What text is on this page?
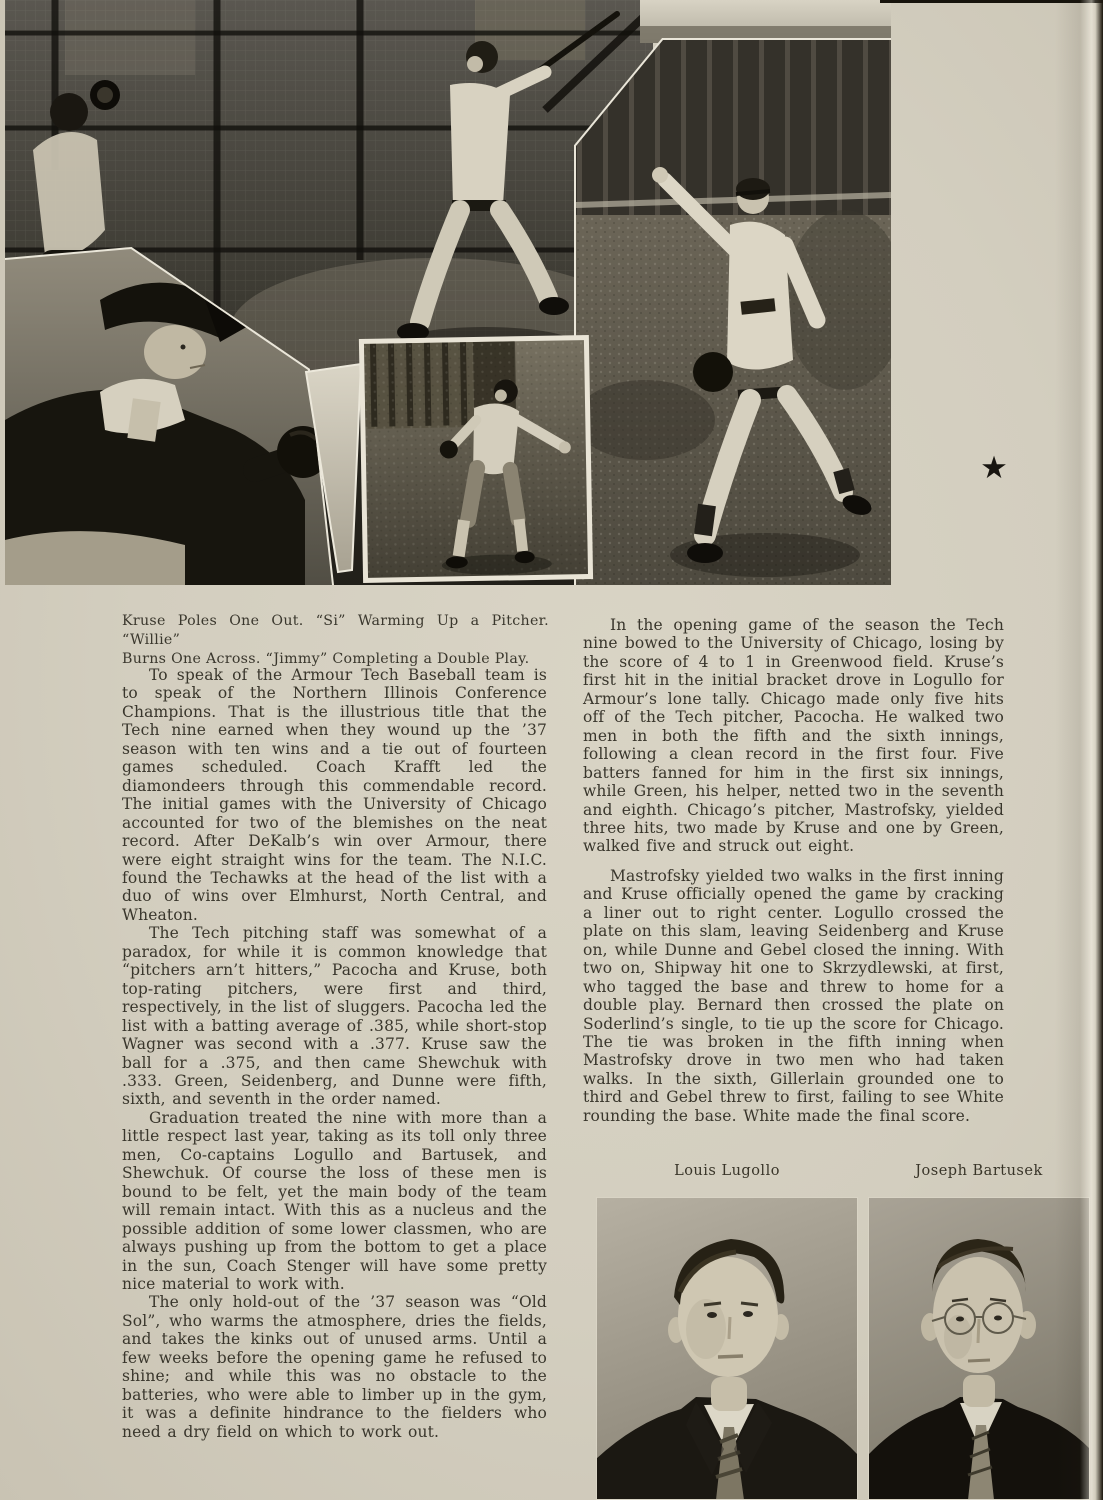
★
Kruse Poles One Out. “Si” Warming Up a Pitcher. “Willie”
Burns One Across. “Jimmy” Completing a Double Play.

To speak of the Armour Tech Baseball team is to speak of the Northern Illinois Conference Champions. That is the illustrious title that the Tech nine earned when they wound up the ’37 season with ten wins and a tie out of fourteen games scheduled. Coach Krafft led the diamondeers through this commendable record. The initial games with the University of Chicago accounted for two of the blemishes on the neat record. After DeKalb’s win over Armour, there were eight straight wins for the team. The N.I.C. found the Techawks at the head of the list with a duo of wins over Elmhurst, North Central, and Wheaton.

The Tech pitching staff was somewhat of a paradox, for while it is common knowledge that “pitchers arn’t hitters,” Pacocha and Kruse, both top-rating pitchers, were first and third, respectively, in the list of sluggers. Pacocha led the list with a batting average of .385, while short-stop Wagner was second with a .377. Kruse saw the ball for a .375, and then came Shewchuk with .333. Green, Seidenberg, and Dunne were fifth, sixth, and seventh in the order named.

Graduation treated the nine with more than a little respect last year, taking as its toll only three men, Co-captains Logullo and Bartusek, and Shewchuk. Of course the loss of these men is bound to be felt, yet the main body of the team will remain intact. With this as a nucleus and the possible addition of some lower classmen, who are always pushing up from the bottom to get a place in the sun, Coach Stenger will have some pretty nice material to work with.

The only hold-out of the ’37 season was “Old Sol”, who warms the atmosphere, dries the fields, and takes the kinks out of unused arms. Until a few weeks before the opening game he refused to shine; and while this was no obstacle to the batteries, who were able to limber up in the gym, it was a definite hindrance to the fielders who need a dry field on which to work out.

In the opening game of the season the Tech nine bowed to the University of Chicago, losing by the score of 4 to 1 in Greenwood field. Kruse’s first hit in the initial bracket drove in Logullo for Armour’s lone tally. Chicago made only five hits off of the Tech pitcher, Pacocha. He walked two men in both the fifth and the sixth innings, following a clean record in the first four. Five batters fanned for him in the first six innings, while Green, his helper, netted two in the seventh and eighth. Chicago’s pitcher, Mastrofsky, yielded three hits, two made by Kruse and one by Green, walked five and struck out eight.

Mastrofsky yielded two walks in the first inning and Kruse officially opened the game by cracking a liner out to right center. Logullo crossed the plate on this slam, leaving Seidenberg and Kruse on, while Dunne and Gebel closed the inning. With two on, Shipway hit one to Skrzydlewski, at first, who tagged the base and threw to home for a double play. Bernard then crossed the plate on Soderlind’s single, to tie up the score for Chicago. The tie was broken in the fifth inning when Mastrofsky drove in two men who had taken walks. In the sixth, Gillerlain grounded one to third and Gebel threw to first, failing to see White rounding the base. White made the final score.

Louis Lugollo	Joseph Bartusek
